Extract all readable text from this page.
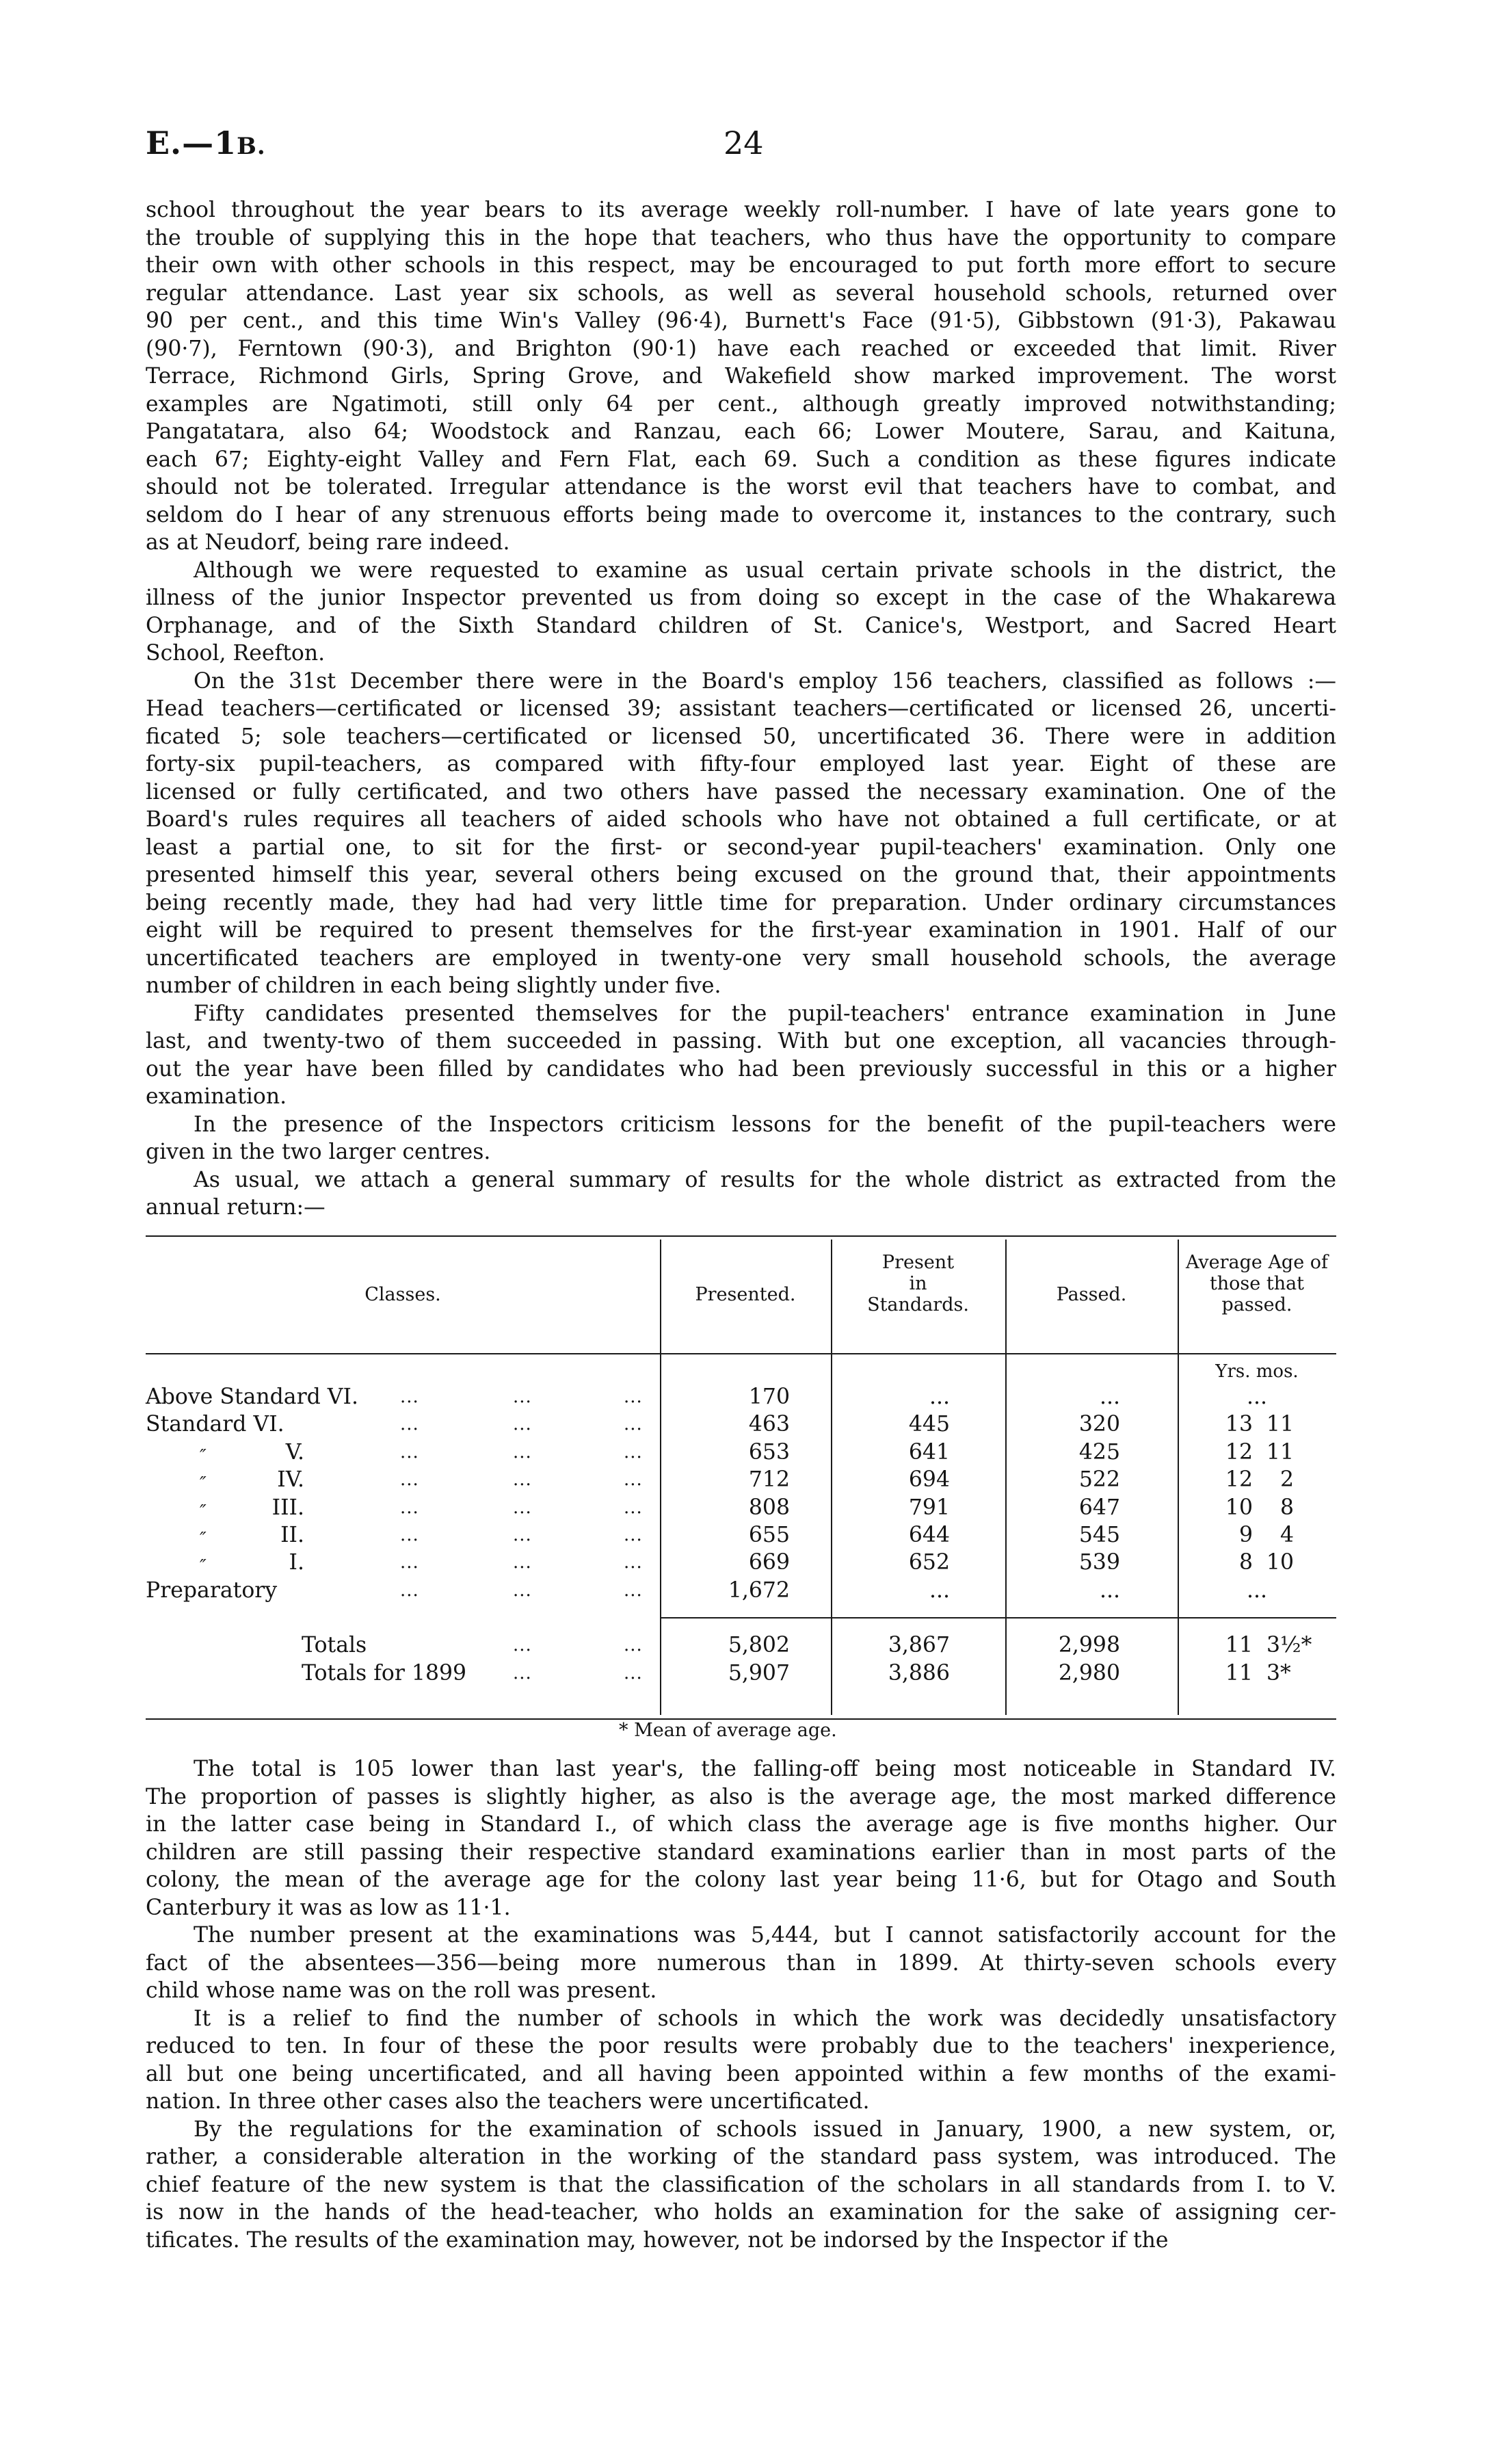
E.—1B.	24
school throughout the year bears to its average weekly roll-number. I have of late years gone to
the trouble of supplying this in the hope that teachers, who thus have the opportunity to compare
their own with other schools in this respect, may be encouraged to put forth more effort to secure
regular attendance. Last year six schools, as well as several household schools, returned over
90 per cent., and this time Win's Valley (96·4), Burnett's Face (91·5), Gibbstown (91·3), Pakawau
(90·7), Ferntown (90·3), and Brighton (90·1) have each reached or exceeded that limit. River
Terrace, Richmond Girls, Spring Grove, and Wakefield show marked improvement. The worst
examples are Ngatimoti, still only 64 per cent., although greatly improved notwithstanding;
Pangatatara, also 64; Woodstock and Ranzau, each 66; Lower Moutere, Sarau, and Kaituna,
each 67; Eighty-eight Valley and Fern Flat, each 69. Such a condition as these figures indicate
should not be tolerated. Irregular attendance is the worst evil that teachers have to combat, and
seldom do I hear of any strenuous efforts being made to overcome it, instances to the contrary, such
as at Neudorf, being rare indeed.
Although we were requested to examine as usual certain private schools in the district, the
illness of the junior Inspector prevented us from doing so except in the case of the Whakarewa
Orphanage, and of the Sixth Standard children of St. Canice's, Westport, and Sacred Heart
School, Reefton.
On the 31st December there were in the Board's employ 156 teachers, classified as follows :—
Head teachers—certificated or licensed 39; assistant teachers—certificated or licensed 26, uncerti-
ficated 5; sole teachers—certificated or licensed 50, uncertificated 36. There were in addition
forty-six pupil-teachers, as compared with fifty-four employed last year. Eight of these are
licensed or fully certificated, and two others have passed the necessary examination. One of the
Board's rules requires all teachers of aided schools who have not obtained a full certificate, or at
least a partial one, to sit for the first- or second-year pupil-teachers' examination. Only one
presented himself this year, several others being excused on the ground that, their appointments
being recently made, they had had very little time for preparation. Under ordinary circumstances
eight will be required to present themselves for the first-year examination in 1901. Half of our
uncertificated teachers are employed in twenty-one very small household schools, the average
number of children in each being slightly under five.
Fifty candidates presented themselves for the pupil-teachers' entrance examination in June
last, and twenty-two of them succeeded in passing. With but one exception, all vacancies through-
out the year have been filled by candidates who had been previously successful in this or a higher
examination.
In the presence of the Inspectors criticism lessons for the benefit of the pupil-teachers were
given in the two larger centres.
As usual, we attach a general summary of results for the whole district as extracted from the
annual return:—
Classes.	Presented.
Present
in
Standards.	Passed.
Average Age of
those that
passed.
Yrs. mos.
Above Standard VI. ...	...	...	170	...	...	...
Standard VI.	...	...	...	463	445	320	13 11
″	V.	...	...	...	653	641	425	12 11
″	IV.	...	...	...	712	694	522	12	2
″	III.	...	...	...	808	791	647	10	8
″	II.	...	...	...	655	644	545	9	4
″	I.	...	...	...	669	652	539	8 10
Preparatory	...	...	...	1,672	...	...	...
Totals	...	...	5,802	3,867	2,998	11 3½*
Totals for 1899	...	...	5,907	3,886	2,980	11 3*
* Mean of average age.
The total is 105 lower than last year's, the falling-off being most noticeable in Standard IV.
The proportion of passes is slightly higher, as also is the average age, the most marked difference
in the latter case being in Standard I., of which class the average age is five months higher. Our
children are still passing their respective standard examinations earlier than in most parts of the
colony, the mean of the average age for the colony last year being 11·6, but for Otago and South
Canterbury it was as low as 11·1.
The number present at the examinations was 5,444, but I cannot satisfactorily account for the
fact of the absentees—356—being more numerous than in 1899. At thirty-seven schools every
child whose name was on the roll was present.
It is a relief to find the number of schools in which the work was decidedly unsatisfactory
reduced to ten. In four of these the poor results were probably due to the teachers' inexperience,
all but one being uncertificated, and all having been appointed within a few months of the exami-
nation. In three other cases also the teachers were uncertificated.
By the regulations for the examination of schools issued in January, 1900, a new system, or,
rather, a considerable alteration in the working of the standard pass system, was introduced. The
chief feature of the new system is that the classification of the scholars in all standards from I. to V.
is now in the hands of the head-teacher, who holds an examination for the sake of assigning cer-
tificates. The results of the examination may, however, not be indorsed by the Inspector if the
